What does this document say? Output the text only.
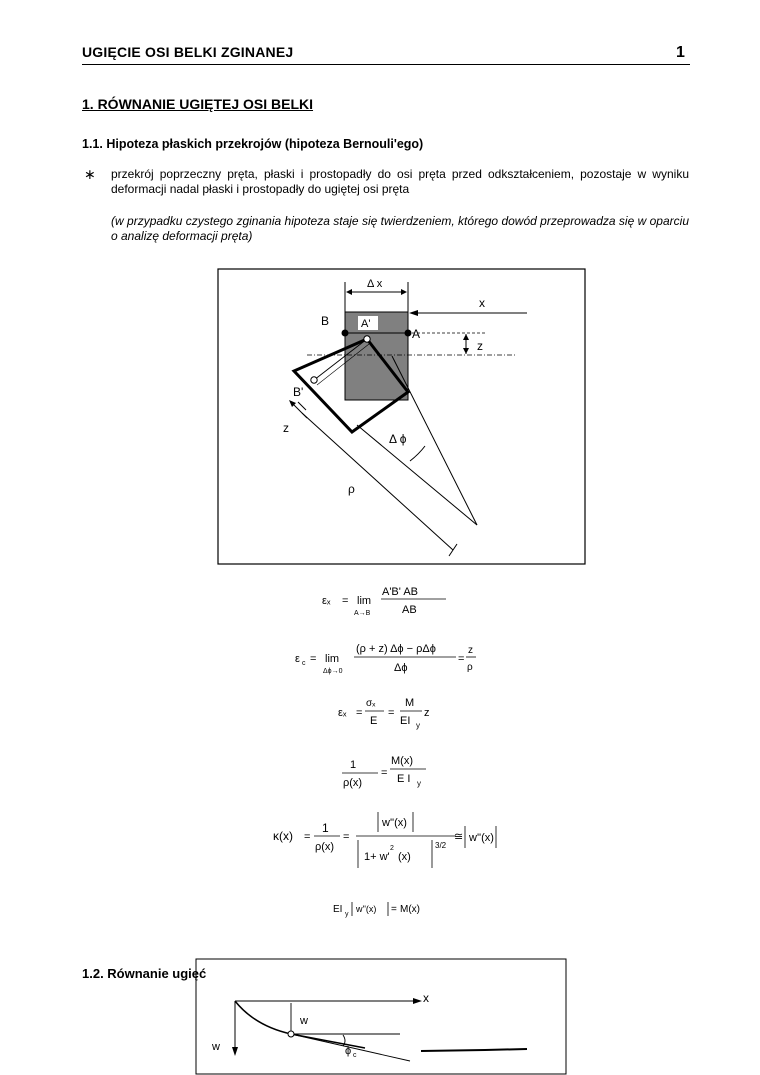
UGIĘCIE OSI BELKI ZGINANEJ	1
1. RÓWNANIE UGIĘTEJ OSI BELKI
1.1. Hipoteza płaskich przekrojów (hipoteza Bernouli'ego)
∗ przekrój poprzeczny pręta, płaski i prostopadły do osi pręta przed odkształceniem, pozostaje w wyniku deformacji nadal płaski i prostopadły do ugiętej osi pręta
(w przypadku czystego zginania hipoteza staje się twierdzeniem, którego dowód przeprowadza się w oparciu o analizę deformacji pręta)
Δ x
x
z
B	A'
A
B'
Δ ϕ
ρ
z
εₓ = lim
A→B
A'B' AB
AB
ε c = lim
Δϕ→0
(ρ + z) Δϕ − ρΔϕ
Δϕ
=
z
ρ
εₓ =
σₓ
E
=
M
EI y
z
1
ρ(x)
=
M(x)
E I y
κ(x) =
1
ρ(x)
=
w''(x)
1+ w'
2
(x)
3/2
≅ w''(x)
EI y
w''(x) = M(x)
1.2. Równanie ugięć
x
w
w
ϕ c
